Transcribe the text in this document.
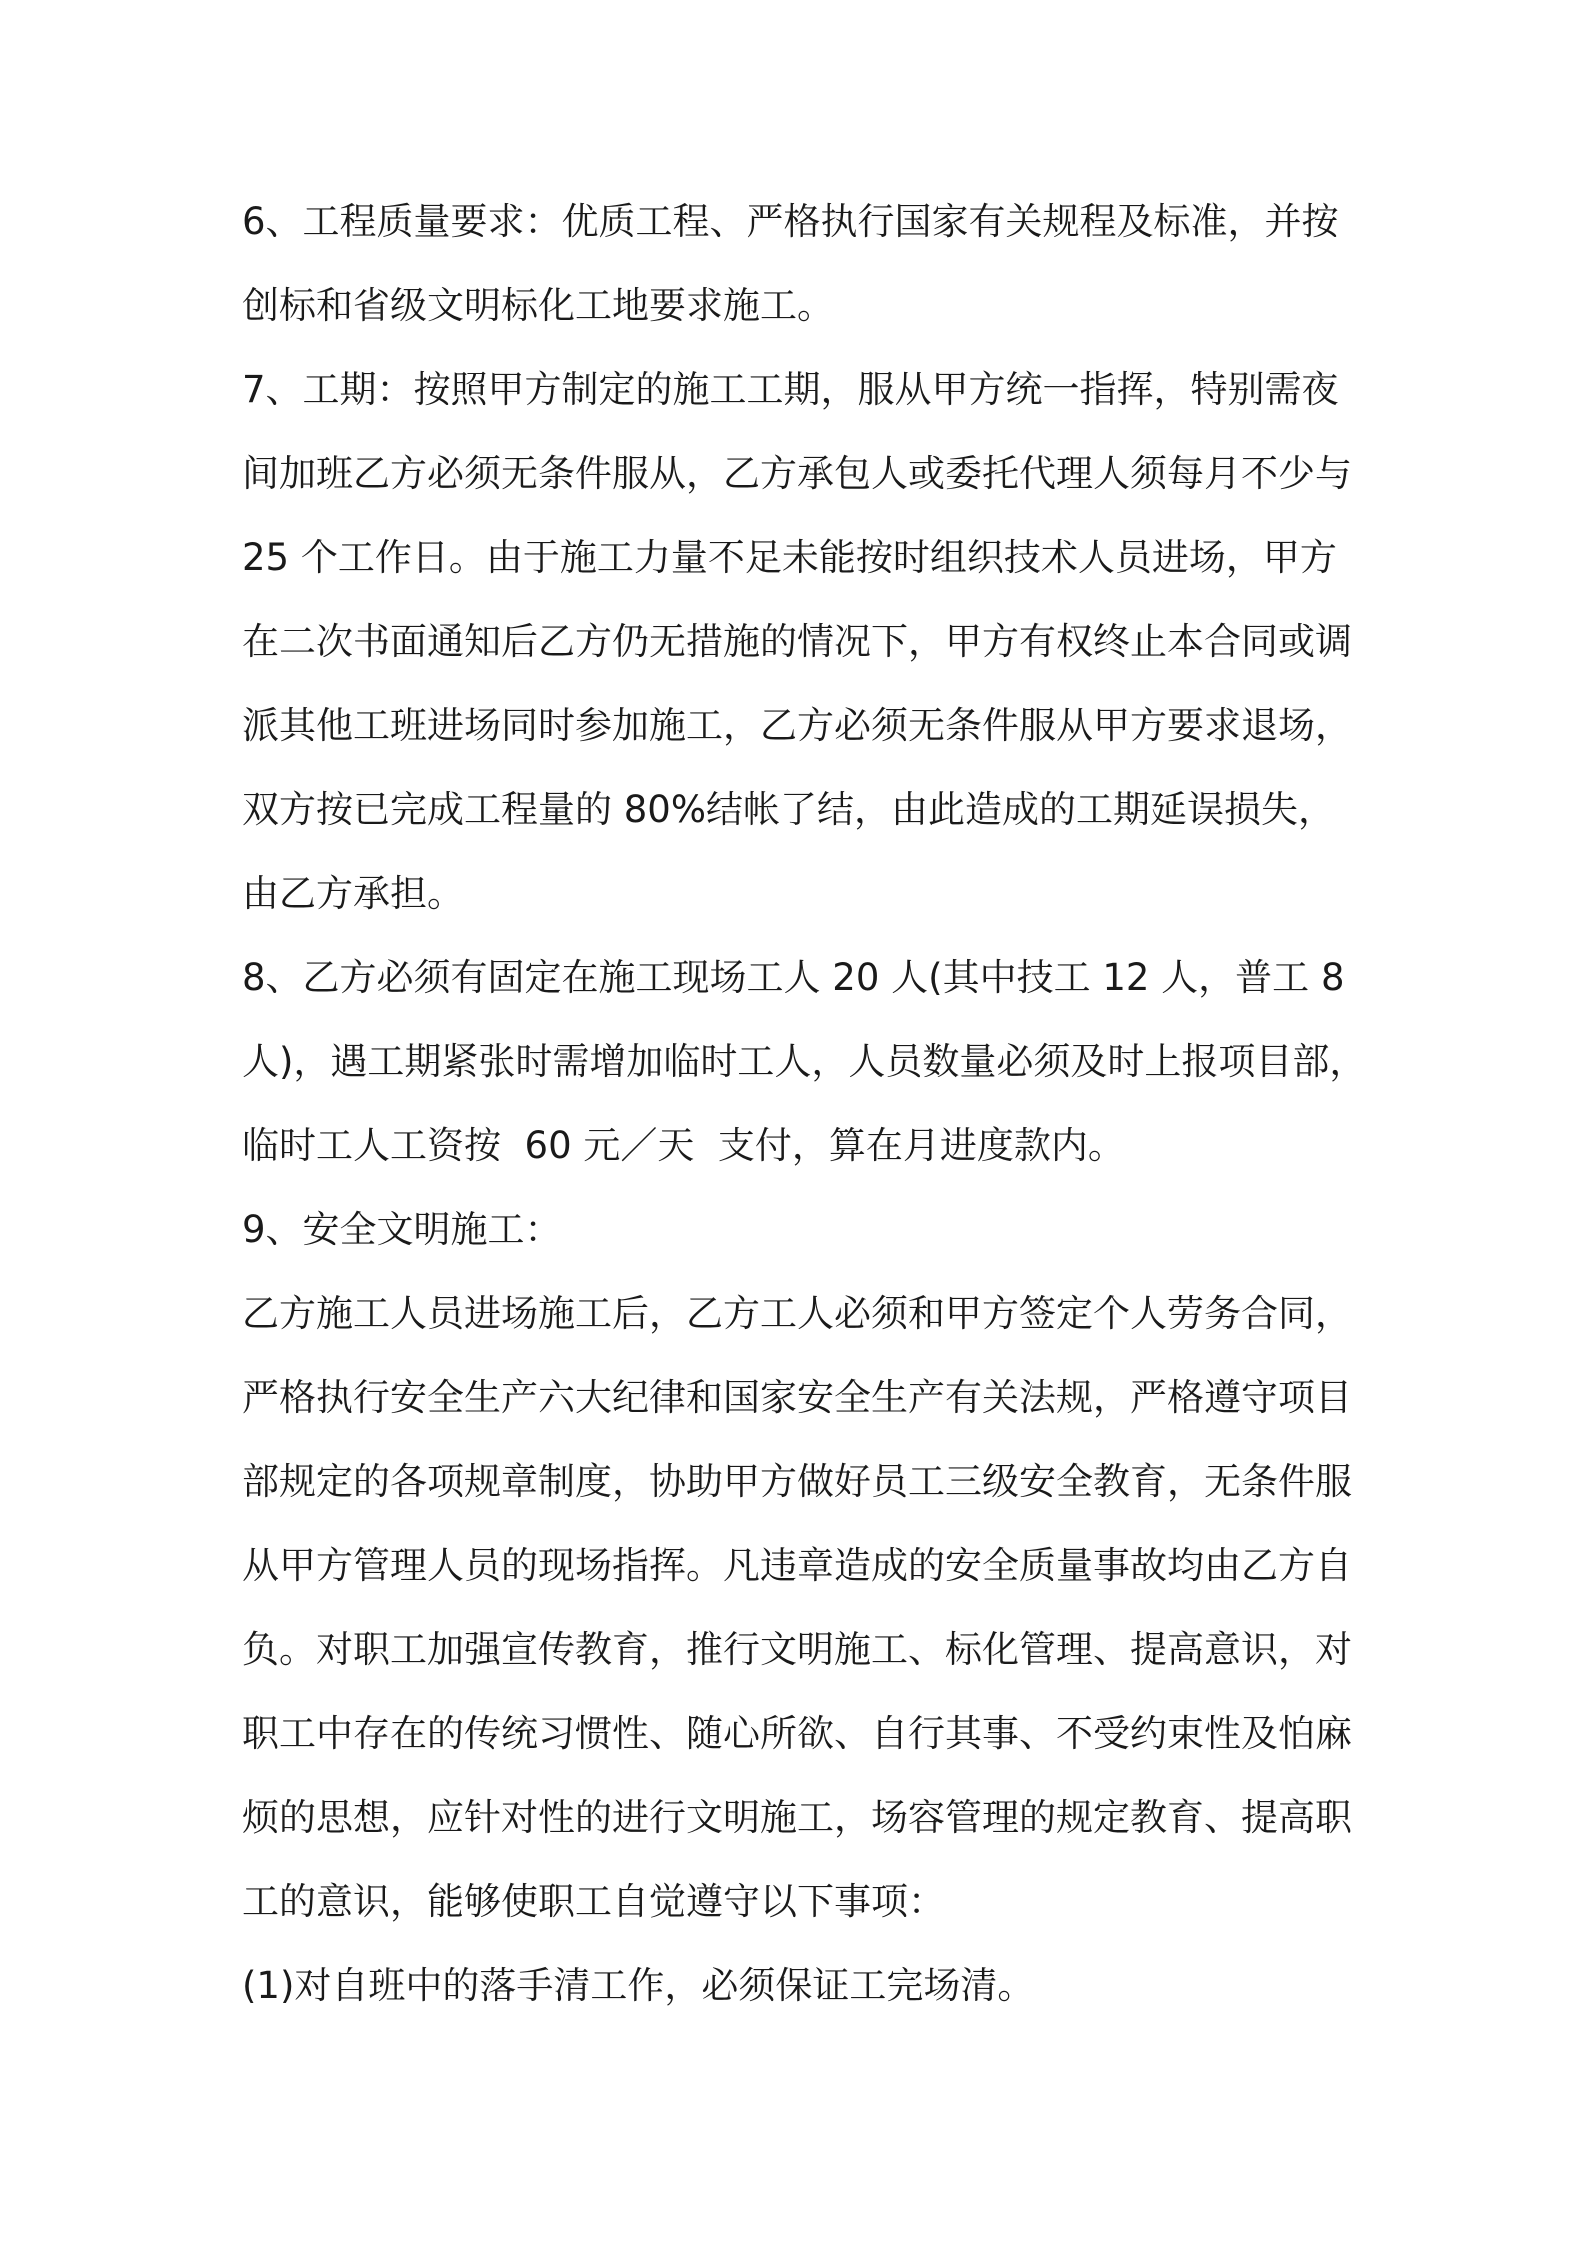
6、工程质量要求：优质工程、严格执行国家有关规程及标准，并按
创标和省级文明标化工地要求施工。
7、工期：按照甲方制定的施工工期，服从甲方统一指挥，特别需夜
间加班乙方必须无条件服从，乙方承包人或委托代理人须每月不少与
25 个工作日。由于施工力量不足未能按时组织技术人员进场，甲方
在二次书面通知后乙方仍无措施的情况下，甲方有权终止本合同或调
派其他工班进场同时参加施工，乙方必须无条件服从甲方要求退场，
双方按已完成工程量的 80%结帐了结，由此造成的工期延误损失，
由乙方承担。
8、乙方必须有固定在施工现场工人 20 人(其中技工 12 人，普工 8
人)，遇工期紧张时需增加临时工人，人员数量必须及时上报项目部，
临时工人工资按  60 元／天  支付，算在月进度款内。
9、安全文明施工：
乙方施工人员进场施工后，乙方工人必须和甲方签定个人劳务合同，
严格执行安全生产六大纪律和国家安全生产有关法规，严格遵守项目
部规定的各项规章制度，协助甲方做好员工三级安全教育，无条件服
从甲方管理人员的现场指挥。凡违章造成的安全质量事故均由乙方自
负。对职工加强宣传教育，推行文明施工、标化管理、提高意识，对
职工中存在的传统习惯性、随心所欲、自行其事、不受约束性及怕麻
烦的思想，应针对性的进行文明施工，场容管理的规定教育、提高职
工的意识，能够使职工自觉遵守以下事项：
(1)对自班中的落手清工作，必须保证工完场清。
